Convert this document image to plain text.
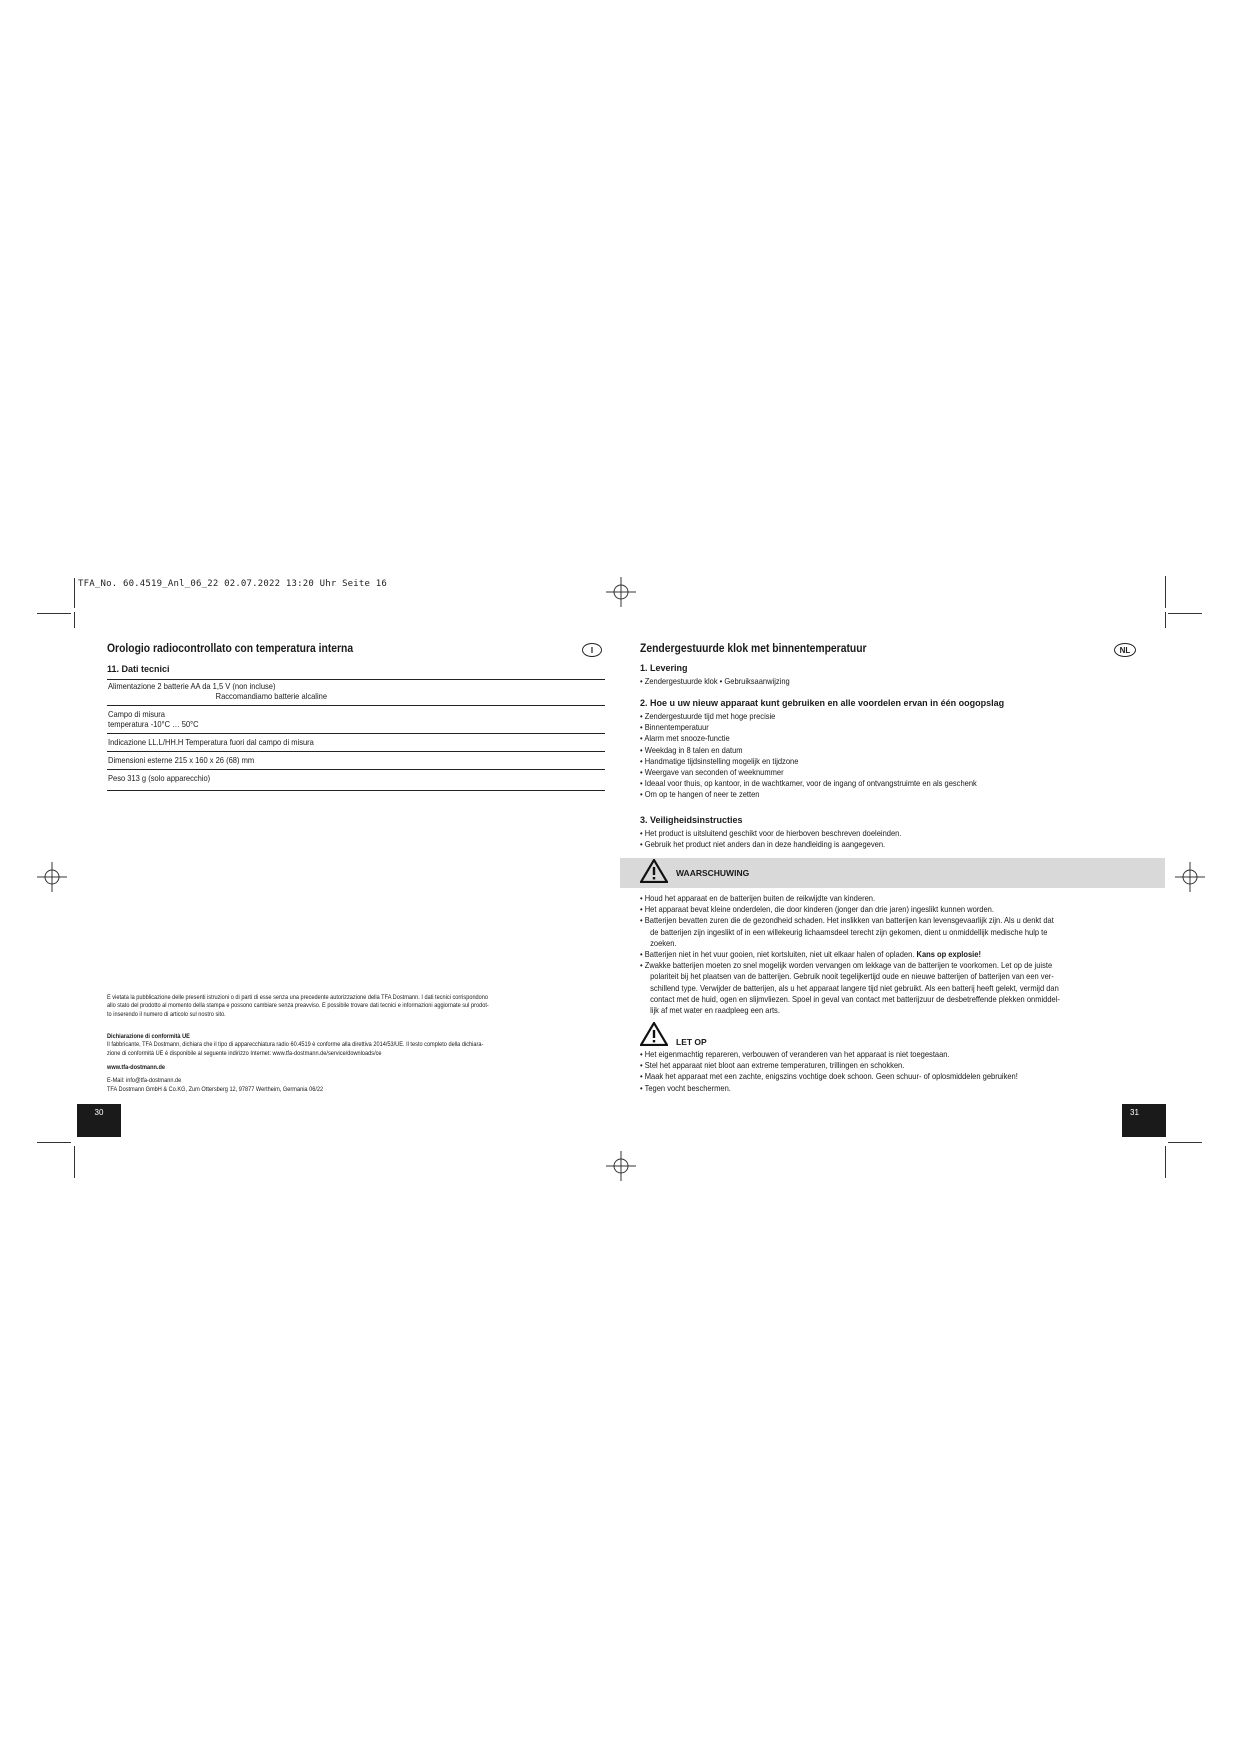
TFA_No. 60.4519_Anl_06_22 02.07.2022 13:20 Uhr Seite 16
Orologio radiocontrollato con temperatura interna	I
11. Dati tecnici
Alimentazione 2 batterie AA da 1,5 V (non incluse)
Raccomandiamo batterie alcaline

Campo di misura
temperatura -10°C … 50°C

Indicazione LL.L/HH.H Temperatura fuori dal campo di misura

Dimensioni esterne 215 x 160 x 26 (68) mm

Peso 313 g (solo apparecchio)
È vietata la pubblicazione delle presenti istruzioni o di parti di esse senza una precedente autorizzazione della TFA Dostmann. I dati tecnici corrispondono
allo stato del prodotto al momento della stampa e possono cambiare senza preavviso. È possibile trovare dati tecnici e informazioni aggiornate sul prodot-
to inserendo il numero di articolo sul nostro sito.
Dichiarazione di conformità UE
Il fabbricante, TFA Dostmann, dichiara che il tipo di apparecchiatura radio 60.4519 è conforme alla direttiva 2014/53/UE. Il testo completo della dichiara-
zione di conformità UE è disponibile al seguente indirizzo Internet: www.tfa-dostmann.de/service/downloads/ce
www.tfa-dostmann.de
E-Mail: info@tfa-dostmann.de
TFA Dostmann GmbH & Co.KG, Zum Ottersberg 12, 97877 Wertheim, Germania 06/22
30
Zendergestuurde klok met binnentemperatuur	NL
1. Levering
• Zendergestuurde klok • Gebruiksaanwijzing
2. Hoe u uw nieuw apparaat kunt gebruiken en alle voordelen ervan in één oogopslag
• Zendergestuurde tijd met hoge precisie
• Binnentemperatuur
• Alarm met snooze-functie
• Weekdag in 8 talen en datum
• Handmatige tijdsinstelling mogelijk en tijdzone
• Weergave van seconden of weeknummer
• Ideaal voor thuis, op kantoor, in de wachtkamer, voor de ingang of ontvangstruimte en als geschenk
• Om op te hangen of neer te zetten
3. Veiligheidsinstructies
• Het product is uitsluitend geschikt voor de hierboven beschreven doeleinden.
• Gebruik het product niet anders dan in deze handleiding is aangegeven.
WAARSCHUWING
• Houd het apparaat en de batterijen buiten de reikwijdte van kinderen.
• Het apparaat bevat kleine onderdelen, die door kinderen (jonger dan drie jaren) ingeslikt kunnen worden.
• Batterijen bevatten zuren die de gezondheid schaden. Het inslikken van batterijen kan levensgevaarlijk zijn. Als u denkt dat
de batterijen zijn ingeslikt of in een willekeurig lichaamsdeel terecht zijn gekomen, dient u onmiddellijk medische hulp te
zoeken.
• Batterijen niet in het vuur gooien, niet kortsluiten, niet uit elkaar halen of opladen. Kans op explosie!
• Zwakke batterijen moeten zo snel mogelijk worden vervangen om lekkage van de batterijen te voorkomen. Let op de juiste
polariteit bij het plaatsen van de batterijen. Gebruik nooit tegelijkertijd oude en nieuwe batterijen of batterijen van een ver-
schillend type. Verwijder de batterijen, als u het apparaat langere tijd niet gebruikt. Als een batterij heeft gelekt, vermijd dan
contact met de huid, ogen en slijmvliezen. Spoel in geval van contact met batterijzuur de desbetreffende plekken onmiddel-
lijk af met water en raadpleeg een arts.
LET OP
• Het eigenmachtig repareren, verbouwen of veranderen van het apparaat is niet toegestaan.
• Stel het apparaat niet bloot aan extreme temperaturen, trillingen en schokken.
• Maak het apparaat met een zachte, enigszins vochtige doek schoon. Geen schuur- of oplosmiddelen gebruiken!
• Tegen vocht beschermen.
31
